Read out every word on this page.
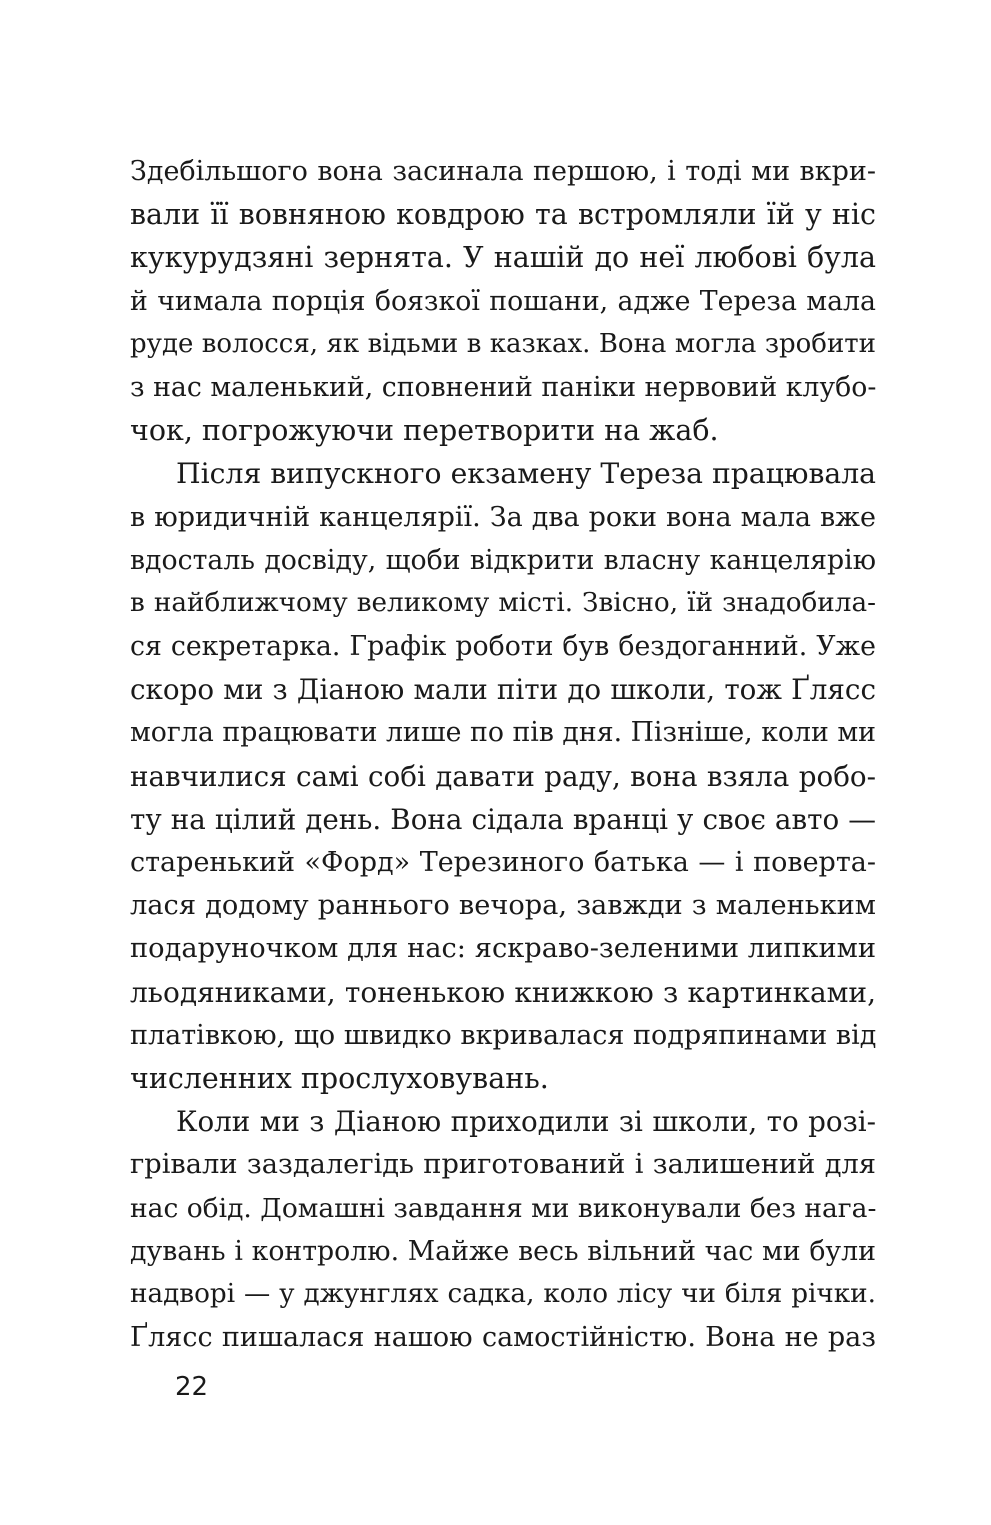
Здебільшого вона засинала першою, і тоді ми вкри-
вали її вовняною ковдрою та встромляли їй у ніс
кукурудзяні зернята. У нашій до неї любові була
й чимала порція боязкої пошани, адже Тереза мала
руде волосся, як відьми в казках. Вона могла зробити
з нас маленький, сповнений паніки нервовий клубо-
чок, погрожуючи перетворити на жаб.
Після випускного екзамену Тереза працювала
в юридичній канцелярії. За два роки вона мала вже
вдосталь досвіду, щоби відкрити власну канцелярію
в найближчому великому місті. Звісно, їй знадобила-
ся секретарка. Графік роботи був бездоганний. Уже
скоро ми з Діаною мали піти до школи, тож Ґлясс
могла працювати лише по пів дня. Пізніше, коли ми
навчилися самі собі давати раду, вона взяла робо-
ту на цілий день. Вона сідала вранці у своє авто —
старенький «Форд» Терезиного батька — і поверта-
лася додому раннього вечора, завжди з маленьким
подаруночком для нас: яскраво-зеленими липкими
льодяниками, тоненькою книжкою з картинками,
платівкою, що швидко вкривалася подряпинами від
численних прослуховувань.
Коли ми з Діаною приходили зі школи, то розі-
грівали заздалегідь приготований і залишений для
нас обід. Домашні завдання ми виконували без нага-
дувань і контролю. Майже весь вільний час ми були
надворі — у джунглях садка, коло лісу чи біля річки.
Ґлясс пишалася нашою самостійністю. Вона не раз
22
